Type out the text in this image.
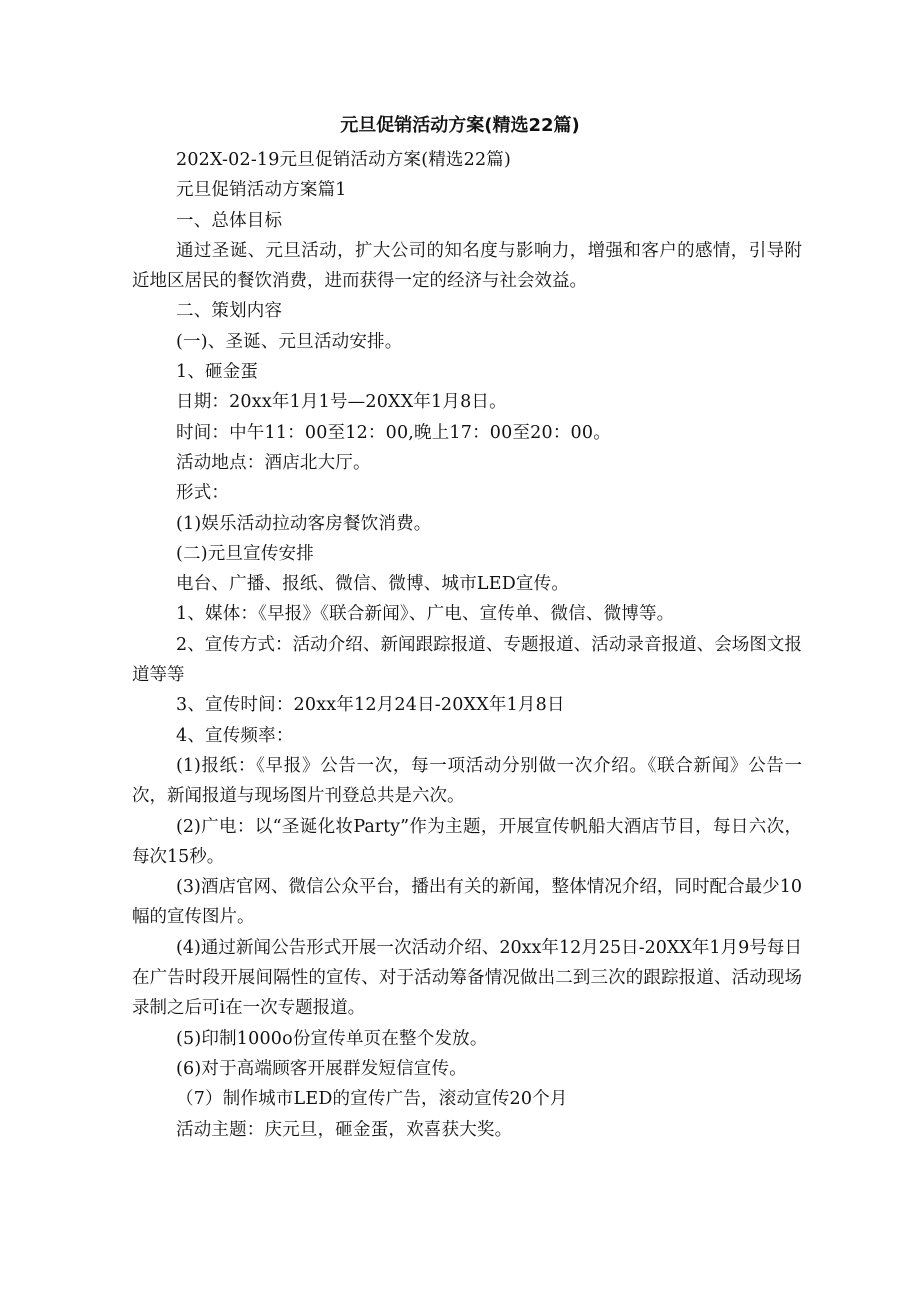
元旦促销活动方案(精选22篇)

202X-02-19元旦促销活动方案(精选22篇)

元旦促销活动方案篇1

一、总体目标

通过圣诞、元旦活动，扩大公司的知名度与影响力，增强和客户的感情，引导附近地区居民的餐饮消费，进而获得一定的经济与社会效益。

二、策划内容

(一)、圣诞、元旦活动安排。

1、砸金蛋

日期：20xx年1月1号—20XX年1月8日。

时间：中午11：00至12：00,晚上17：00至20：00。

活动地点：酒店北大厅。

形式：

(1)娱乐活动拉动客房餐饮消费。

(二)元旦宣传安排

电台、广播、报纸、微信、微博、城市LED宣传。

1、媒体：《早报》《联合新闻》、广电、宣传单、微信、微博等。

2、宣传方式：活动介绍、新闻跟踪报道、专题报道、活动录音报道、会场图文报道等等

3、宣传时间：20xx年12月24日-20XX年1月8日

4、宣传频率：

(1)报纸：《早报》公告一次，每一项活动分别做一次介绍。《联合新闻》公告一次，新闻报道与现场图片刊登总共是六次。

(2)广电：以“圣诞化妆Party”作为主题，开展宣传帆船大酒店节目，每日六次，每次15秒。

(3)酒店官网、微信公众平台，播出有关的新闻，整体情况介绍，同时配合最少10幅的宣传图片。

(4)通过新闻公告形式开展一次活动介绍、20xx年12月25日-20XX年1月9号每日在广告时段开展间隔性的宣传、对于活动筹备情况做出二到三次的跟踪报道、活动现场录制之后可i在一次专题报道。

(5)印制1000o份宣传单页在整个发放。

(6)对于高端顾客开展群发短信宣传。

（7）制作城市LED的宣传广告，滚动宣传20个月

活动主题：庆元旦，砸金蛋，欢喜获大奖。
